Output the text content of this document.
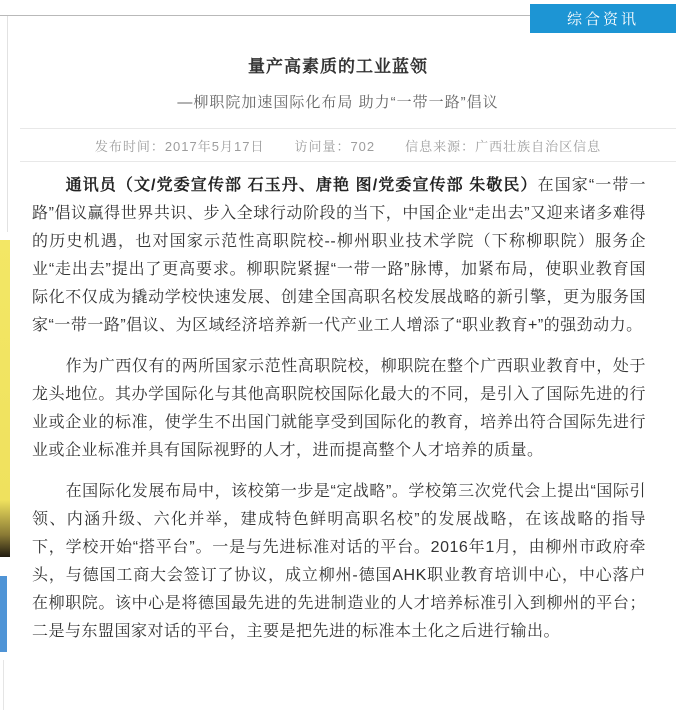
综合资讯
量产高素质的工业蓝领
—柳职院加速国际化布局 助力“一带一路”倡议
发布时间：2017年5月17日 访问量：702 信息来源：广西壮族自治区信息

通讯员（文/党委宣传部 石玉丹、唐艳 图/党委宣传部 朱敬民）在国家“一带一路”倡议赢得世界共识、步入全球行动阶段的当下，中国企业“走出去”又迎来诸多难得的历史机遇，也对国家示范性高职院校--柳州职业技术学院（下称柳职院）服务企业“走出去”提出了更高要求。柳职院紧握“一带一路”脉博，加紧布局，使职业教育国际化不仅成为撬动学校快速发展、创建全国高职名校发展战略的新引擎，更为服务国家“一带一路”倡议、为区域经济培养新一代产业工人增添了“职业教育+”的强劲动力。

作为广西仅有的两所国家示范性高职院校，柳职院在整个广西职业教育中，处于龙头地位。其办学国际化与其他高职院校国际化最大的不同，是引入了国际先进的行业或企业的标准，使学生不出国门就能享受到国际化的教育，培养出符合国际先进行业或企业标准并具有国际视野的人才，进而提高整个人才培养的质量。

在国际化发展布局中，该校第一步是“定战略”。学校第三次党代会上提出“国际引领、内涵升级、六化并举，建成特色鲜明高职名校”的发展战略，在该战略的指导下，学校开始“搭平台”。一是与先进标准对话的平台。2016年1月，由柳州市政府牵头，与德国工商大会签订了协议，成立柳州-德国AHK职业教育培训中心，中心落户在柳职院。该中心是将德国最先进的先进制造业的人才培养标准引入到柳州的平台；二是与东盟国家对话的平台，主要是把先进的标准本土化之后进行输出。
